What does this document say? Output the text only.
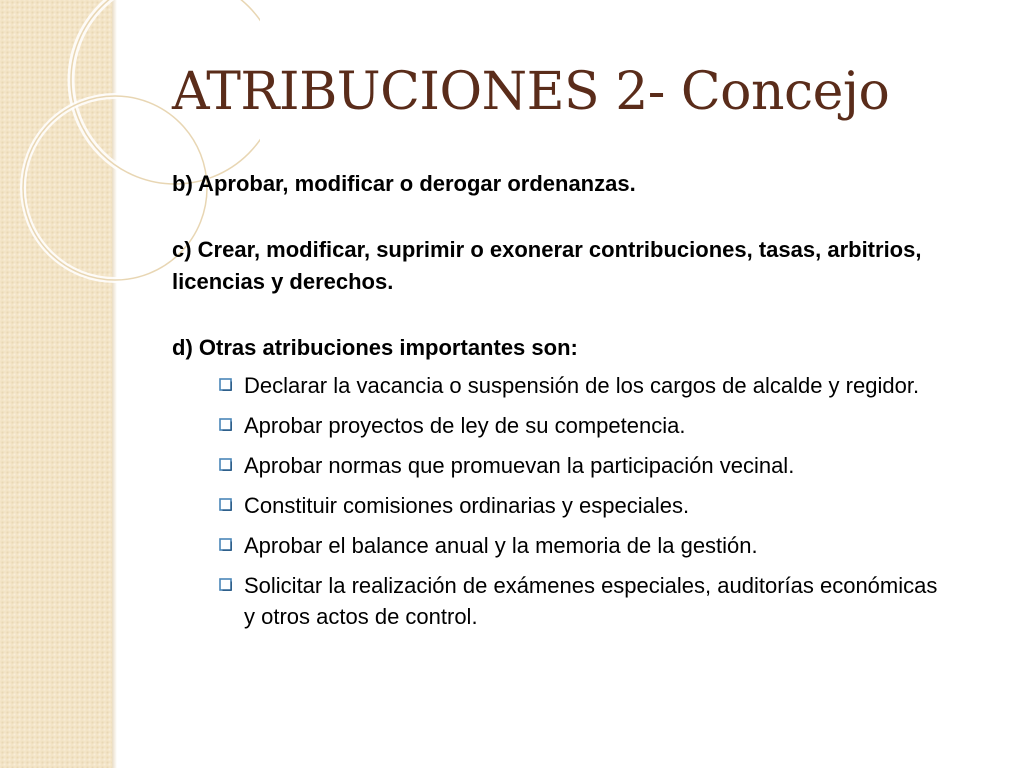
ATRIBUCIONES 2- Concejo

b) Aprobar, modificar o derogar ordenanzas.

c) Crear, modificar, suprimir o exonerar contribuciones, tasas, arbitrios, licencias y derechos.

d) Otras atribuciones importantes son:

Declarar la vacancia o suspensión de los cargos de alcalde y regidor.
Aprobar proyectos de ley de su competencia.
Aprobar normas que promuevan la participación vecinal.
Constituir comisiones ordinarias y especiales.
Aprobar el balance anual y la memoria de la gestión.
Solicitar la realización de exámenes especiales, auditorías económicas y otros actos de control.
